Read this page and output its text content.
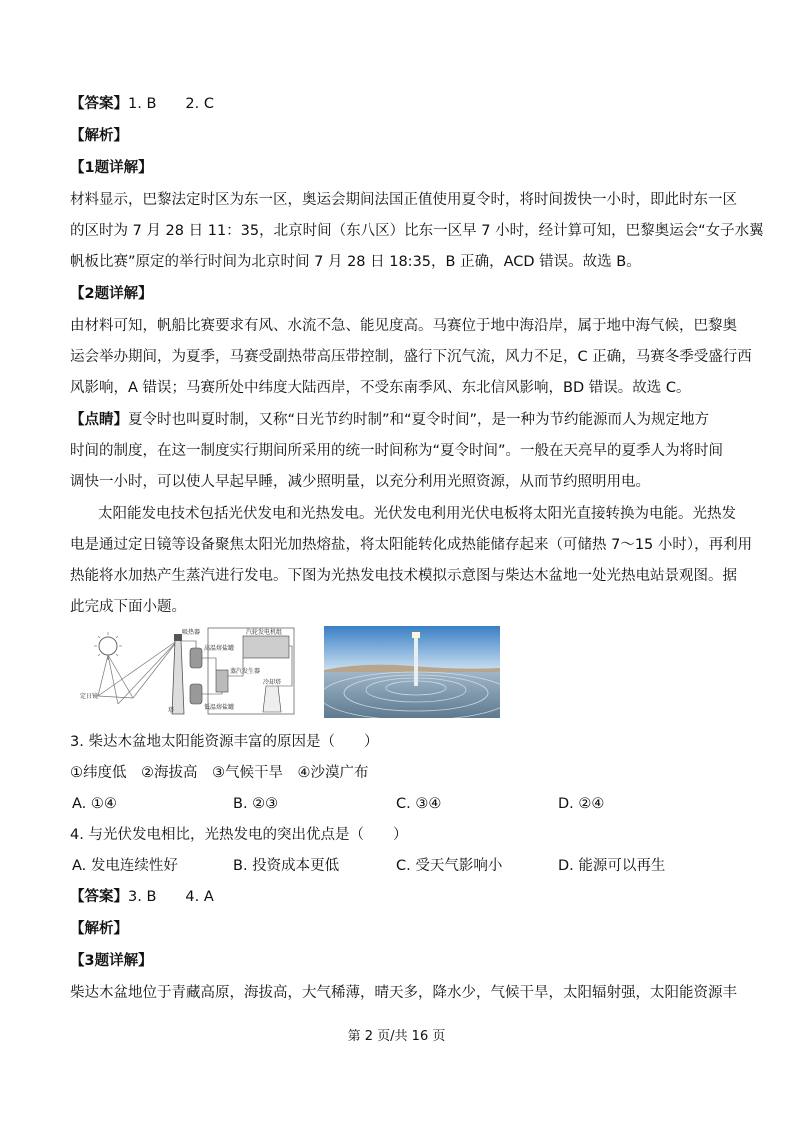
【答案】1. B　　2. C
【解析】
【1题详解】
材料显示，巴黎法定时区为东一区，奥运会期间法国正值使用夏令时，将时间拨快一小时，即此时东一区
的区时为 7 月 28 日 11：35，北京时间（东八区）比东一区早 7 小时，经计算可知，巴黎奥运会“女子水翼
帆板比赛”原定的举行时间为北京时间 7 月 28 日 18:35，B 正确，ACD 错误。故选 B。
【2题详解】
由材料可知，帆船比赛要求有风、水流不急、能见度高。马赛位于地中海沿岸，属于地中海气候，巴黎奥
运会举办期间，为夏季，马赛受副热带高压带控制，盛行下沉气流，风力不足，C 正确，马赛冬季受盛行西
风影响，A 错误；马赛所处中纬度大陆西岸，不受东南季风、东北信风影响，BD 错误。故选 C。
【点睛】夏令时也叫夏时制，又称“日光节约时制”和“夏令时间”，是一种为节约能源而人为规定地方
时间的制度，在这一制度实行期间所采用的统一时间称为“夏令时间”。一般在天亮早的夏季人为将时间
调快一小时，可以使人早起早睡，减少照明量，以充分利用光照资源，从而节约照明用电。
太阳能发电技术包括光伏发电和光热发电。光伏发电利用光伏电板将太阳光直接转换为电能。光热发
电是通过定日镜等设备聚焦太阳光加热熔盐，将太阳能转化成热能储存起来（可储热 7～15 小时），再利用
热能将水加热产生蒸汽进行发电。下图为光热发电技术模拟示意图与柴达木盆地一处光热电站景观图。据
此完成下面小题。
吸热器
高温熔盐罐
汽轮发电机组
蒸汽发生器
低温熔盐罐
塔
冷却塔
定日镜
3. 柴达木盆地太阳能资源丰富的原因是（　　）
①纬度低　②海拔高　③气候干旱　④沙漠广布
A. ①④	B. ②③	C. ③④	D. ②④
4. 与光伏发电相比，光热发电的突出优点是（　　）
A. 发电连续性好	B. 投资成本更低	C. 受天气影响小	D. 能源可以再生
【答案】3. B　　4. A
【解析】
【3题详解】
柴达木盆地位于青藏高原，海拔高，大气稀薄，晴天多，降水少，气候干旱，太阳辐射强，太阳能资源丰
第 2 页/共 16 页
